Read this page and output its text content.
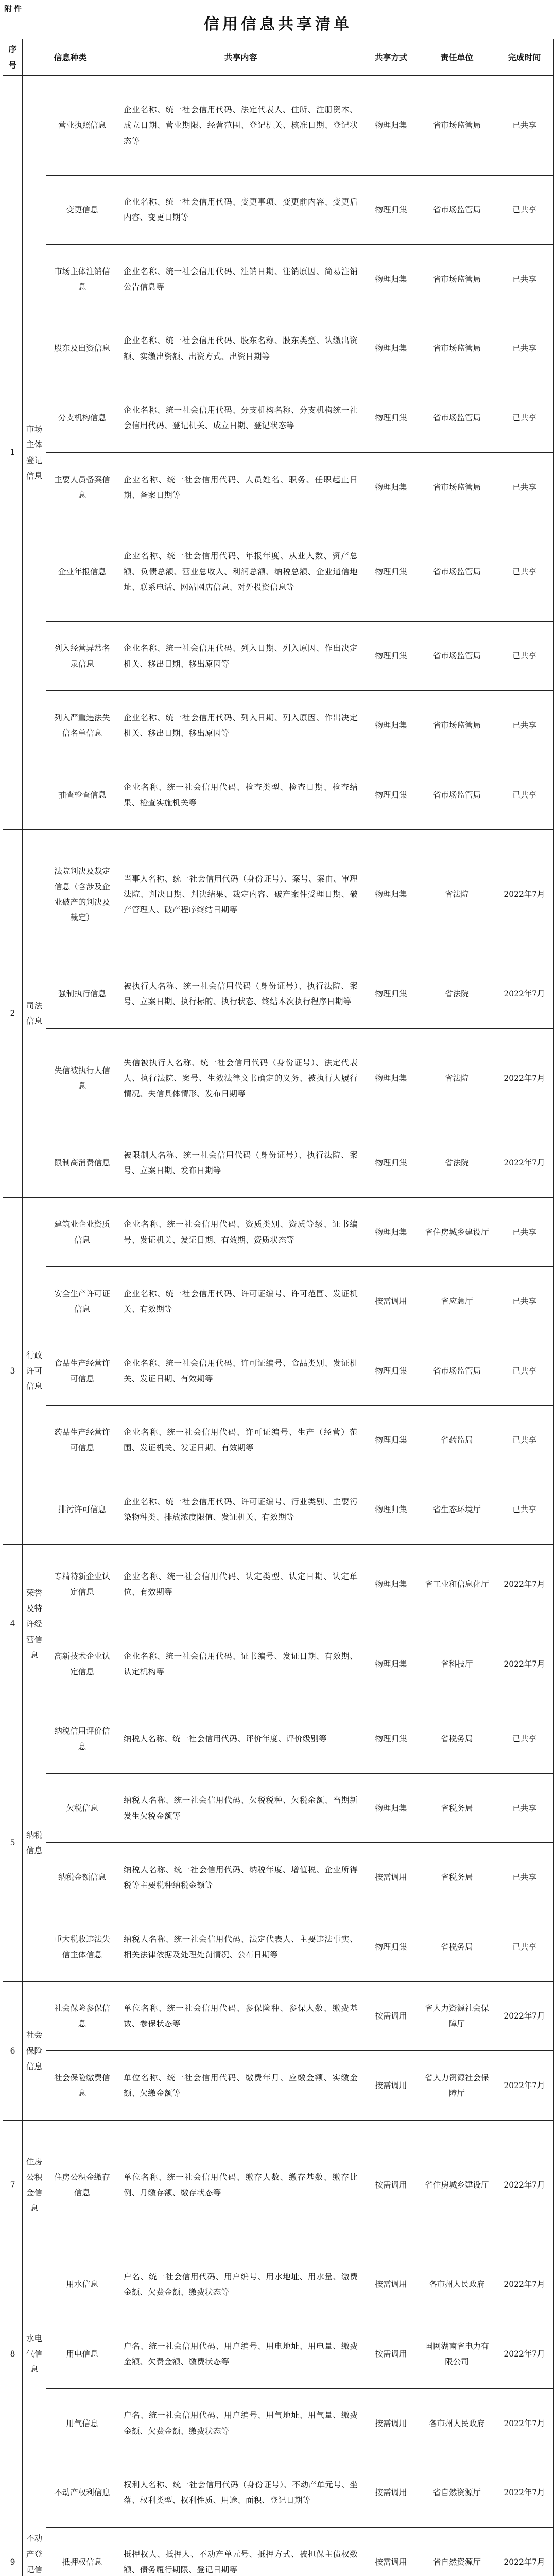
附件
信用信息共享清单
序号	信息种类		共享内容	共享方式	责任单位	完成时间
1	市场主体登记信息	营业执照信息	企业名称、统一社会信用代码、法定代表人、住所、注册资本、成立日期、营业期限、经营范围、登记机关、核准日期、登记状态等	物理归集	省市场监管局	已共享
		变更信息	企业名称、统一社会信用代码、变更事项、变更前内容、变更后内容、变更日期等	物理归集	省市场监管局	已共享
		市场主体注销信息	企业名称、统一社会信用代码、注销日期、注销原因、简易注销公告信息等	物理归集	省市场监管局	已共享
		股东及出资信息	企业名称、统一社会信用代码、股东名称、股东类型、认缴出资额、实缴出资额、出资方式、出资日期等	物理归集	省市场监管局	已共享
		分支机构信息	企业名称、统一社会信用代码、分支机构名称、分支机构统一社会信用代码、登记机关、成立日期、登记状态等	物理归集	省市场监管局	已共享
		主要人员备案信息	企业名称、统一社会信用代码、人员姓名、职务、任职起止日期、备案日期等	物理归集	省市场监管局	已共享
		企业年报信息	企业名称、统一社会信用代码、年报年度、从业人数、资产总额、负债总额、营业总收入、利润总额、纳税总额、企业通信地址、联系电话、网站网店信息、对外投资信息等	物理归集	省市场监管局	已共享
		列入经营异常名录信息	企业名称、统一社会信用代码、列入日期、列入原因、作出决定机关、移出日期、移出原因等	物理归集	省市场监管局	已共享
		列入严重违法失信名单信息	企业名称、统一社会信用代码、列入日期、列入原因、作出决定机关、移出日期、移出原因等	物理归集	省市场监管局	已共享
		抽查检查信息	企业名称、统一社会信用代码、检查类型、检查日期、检查结果、检查实施机关等	物理归集	省市场监管局	已共享
2	司法信息	法院判决及裁定信息（含涉及企业破产的判决及裁定）	当事人名称、统一社会信用代码（身份证号）、案号、案由、审理法院、判决日期、判决结果、裁定内容、破产案件受理日期、破产管理人、破产程序终结日期等	物理归集	省法院	2022年7月
		强制执行信息	被执行人名称、统一社会信用代码（身份证号）、执行法院、案号、立案日期、执行标的、执行状态、终结本次执行程序日期等	物理归集	省法院	2022年7月
		失信被执行人信息	失信被执行人名称、统一社会信用代码（身份证号）、法定代表人、执行法院、案号、生效法律文书确定的义务、被执行人履行情况、失信具体情形、发布日期等	物理归集	省法院	2022年7月
		限制高消费信息	被限制人名称、统一社会信用代码（身份证号）、执行法院、案号、立案日期、发布日期等	物理归集	省法院	2022年7月
3	行政许可信息	建筑业企业资质信息	企业名称、统一社会信用代码、资质类别、资质等级、证书编号、发证机关、发证日期、有效期、资质状态等	物理归集	省住房城乡建设厅	已共享
		安全生产许可证信息	企业名称、统一社会信用代码、许可证编号、许可范围、发证机关、有效期等	按需调用	省应急厅	已共享
		食品生产经营许可信息	企业名称、统一社会信用代码、许可证编号、食品类别、发证机关、发证日期、有效期等	物理归集	省市场监管局	已共享
		药品生产经营许可信息	企业名称、统一社会信用代码、许可证编号、生产（经营）范围、发证机关、发证日期、有效期等	物理归集	省药监局	已共享
		排污许可信息	企业名称、统一社会信用代码、许可证编号、行业类别、主要污染物种类、排放浓度限值、发证机关、有效期等	物理归集	省生态环境厅	已共享
4	荣誉及特许经营信息	专精特新企业认定信息	企业名称、统一社会信用代码、认定类型、认定日期、认定单位、有效期等	物理归集	省工业和信息化厅	2022年7月
		高新技术企业认定信息	企业名称、统一社会信用代码、证书编号、发证日期、有效期、认定机构等	物理归集	省科技厅	2022年7月
5	纳税信息	纳税信用评价信息	纳税人名称、统一社会信用代码、评价年度、评价级别等	物理归集	省税务局	已共享
		欠税信息	纳税人名称、统一社会信用代码、欠税税种、欠税余额、当期新发生欠税金额等	物理归集	省税务局	已共享
		纳税金额信息	纳税人名称、统一社会信用代码、纳税年度、增值税、企业所得税等主要税种纳税金额等	按需调用	省税务局	已共享
		重大税收违法失信主体信息	纳税人名称、统一社会信用代码、法定代表人、主要违法事实、相关法律依据及处理处罚情况、公布日期等	物理归集	省税务局	已共享
6	社会保险信息	社会保险参保信息	单位名称、统一社会信用代码、参保险种、参保人数、缴费基数、参保状态等	按需调用	省人力资源社会保障厅	2022年7月
		社会保险缴费信息	单位名称、统一社会信用代码、缴费年月、应缴金额、实缴金额、欠缴金额等	按需调用	省人力资源社会保障厅	2022年7月
7	住房公积金信息	住房公积金缴存信息	单位名称、统一社会信用代码、缴存人数、缴存基数、缴存比例、月缴存额、缴存状态等	按需调用	省住房城乡建设厅	2022年7月
8	水电气信息	用水信息	户名、统一社会信用代码、用户编号、用水地址、用水量、缴费金额、欠费金额、缴费状态等	按需调用	各市州人民政府	2022年7月
		用电信息	户名、统一社会信用代码、用户编号、用电地址、用电量、缴费金额、欠费金额、缴费状态等	按需调用	国网湖南省电力有限公司	2022年7月
		用气信息	户名、统一社会信用代码、用户编号、用气地址、用气量、缴费金额、欠费金额、缴费状态等	按需调用	各市州人民政府	2022年7月
9	不动产登记信	不动产权利信息	权利人名称、统一社会信用代码（身份证号）、不动产单元号、坐落、权利类型、权利性质、用途、面积、登记日期等	按需调用	省自然资源厅	2022年7月
		抵押权信息	抵押权人、抵押人、不动产单元号、抵押方式、被担保主债权数额、债务履行期限、登记日期等	按需调用	省自然资源厅	2022年7月
